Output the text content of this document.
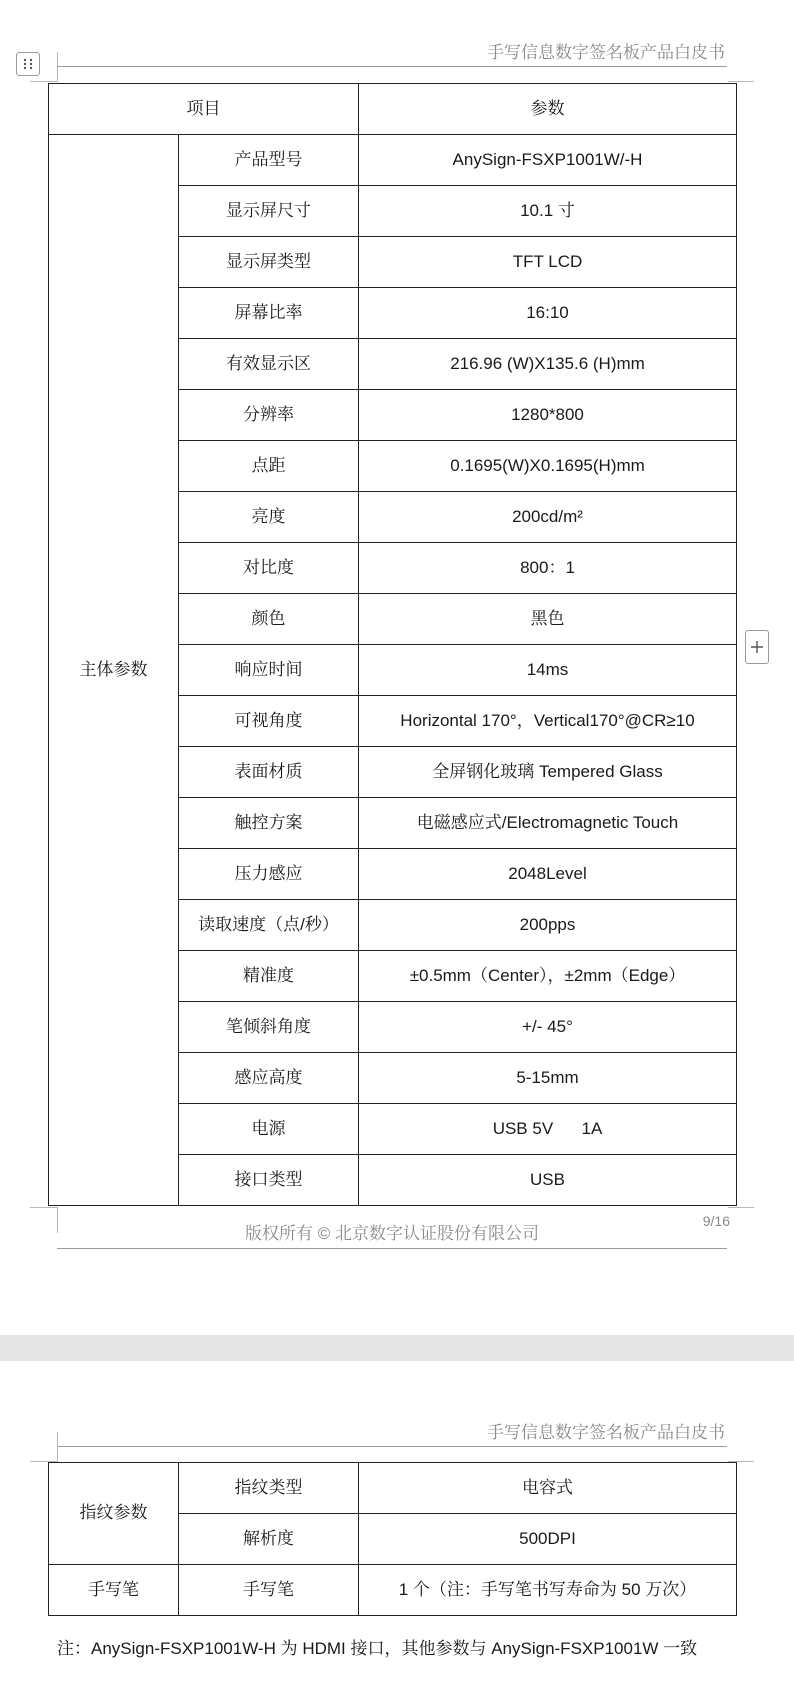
手写信息数字签名板产品白皮书
项目		参数
主体参数	产品型号	AnySign-FSXP1001W/-H
	显示屏尺寸	10.1 寸
	显示屏类型	TFT LCD
	屏幕比率	16:10
	有效显示区	216.96 (W)X135.6 (H)mm
	分辨率	1280*800
	点距	0.1695(W)X0.1695(H)mm
	亮度	200cd/m²
	对比度	800：1
	颜色	黑色
	响应时间	14ms
	可视角度	Horizontal 170°，Vertical170°@CR≥10
	表面材质	全屏钢化玻璃 Tempered Glass
	触控方案	电磁感应式/Electromagnetic Touch
	压力感应	2048Level
	读取速度（点/秒）	200pps
	精准度	±0.5mm（Center），±2mm（Edge）
	笔倾斜角度	+/- 45°
	感应高度	5-15mm
	电源	USB 5V      1A
	接口类型	USB
版权所有 © 北京数字认证股份有限公司
9/16
手写信息数字签名板产品白皮书
指纹参数	指纹类型	电容式
	解析度	500DPI
手写笔	手写笔	1 个（注：手写笔书写寿命为 50 万次）
注：AnySign-FSXP1001W-H 为 HDMI 接口，其他参数与 AnySign-FSXP1001W 一致
